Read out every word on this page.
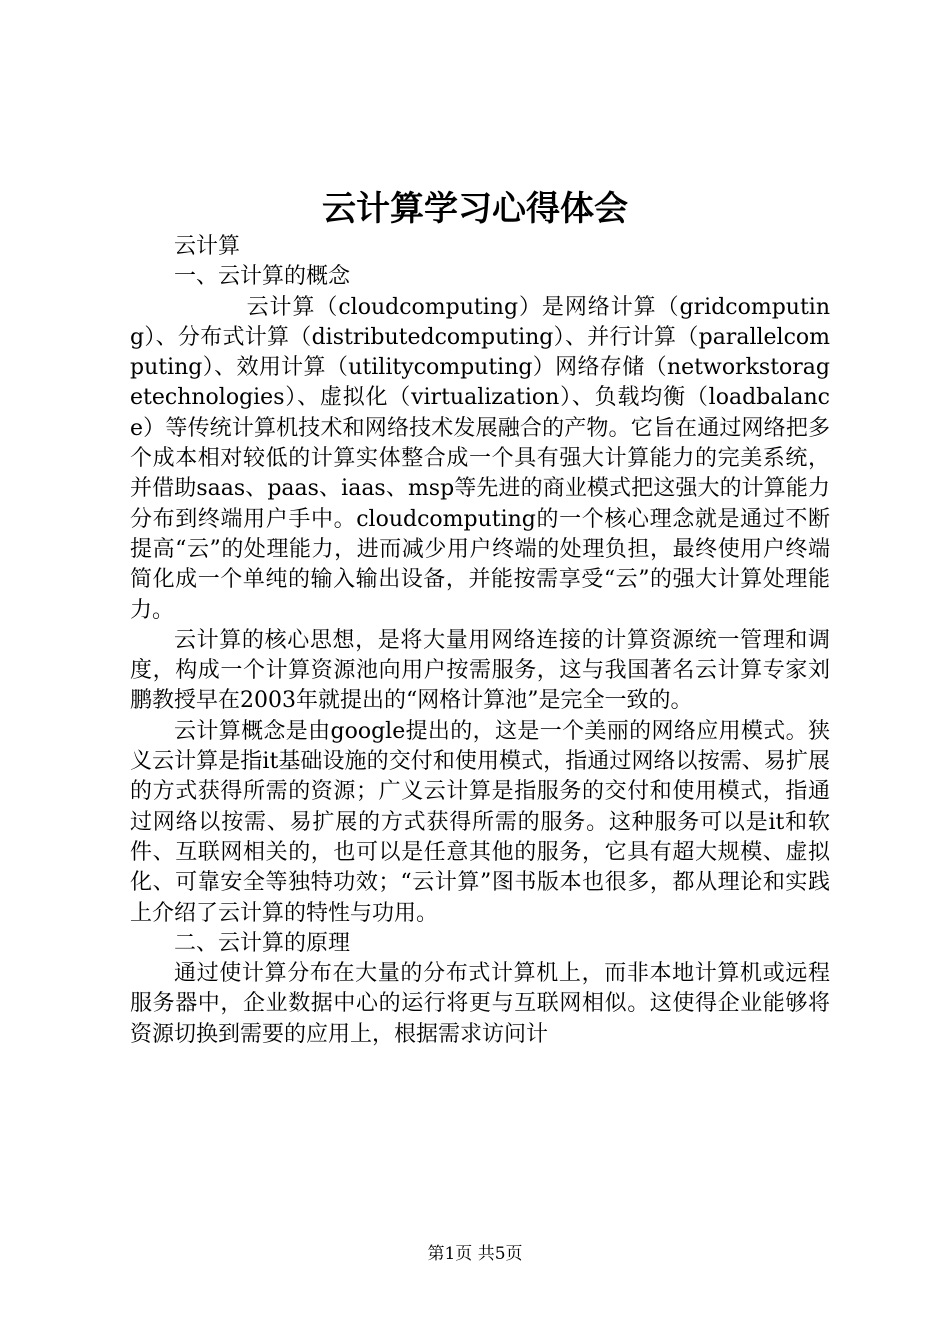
云计算学习心得体会

云计算

一、云计算的概念

云计算（cloudcomputing）是网络计算（gridcomputing）、分布式计算（distributedcomputing）、并行计算（parallelcomputing）、效用计算（utilitycomputing）网络存储（networkstoragetechnologies）、虚拟化（virtualization）、负载均衡（loadbalance）等传统计算机技术和网络技术发展融合的产物。它旨在通过网络把多个成本相对较低的计算实体整合成一个具有强大计算能力的完美系统，并借助saas、paas、iaas、msp等先进的商业模式把这强大的计算能力分布到终端用户手中。cloudcomputing的一个核心理念就是通过不断提高“云”的处理能力，进而减少用户终端的处理负担，最终使用户终端简化成一个单纯的输入输出设备，并能按需享受“云”的强大计算处理能力。

云计算的核心思想，是将大量用网络连接的计算资源统一管理和调度，构成一个计算资源池向用户按需服务，这与我国著名云计算专家刘鹏教授早在2003年就提出的“网格计算池”是完全一致的。

云计算概念是由google提出的，这是一个美丽的网络应用模式。狭义云计算是指it基础设施的交付和使用模式，指通过网络以按需、易扩展的方式获得所需的资源；广义云计算是指服务的交付和使用模式，指通过网络以按需、易扩展的方式获得所需的服务。这种服务可以是it和软件、互联网相关的，也可以是任意其他的服务，它具有超大规模、虚拟化、可靠安全等独特功效；“云计算”图书版本也很多，都从理论和实践上介绍了云计算的特性与功用。

二、云计算的原理

通过使计算分布在大量的分布式计算机上，而非本地计算机或远程服务器中，企业数据中心的运行将更与互联网相似。这使得企业能够将资源切换到需要的应用上，根据需求访问计

第1页 共5页
